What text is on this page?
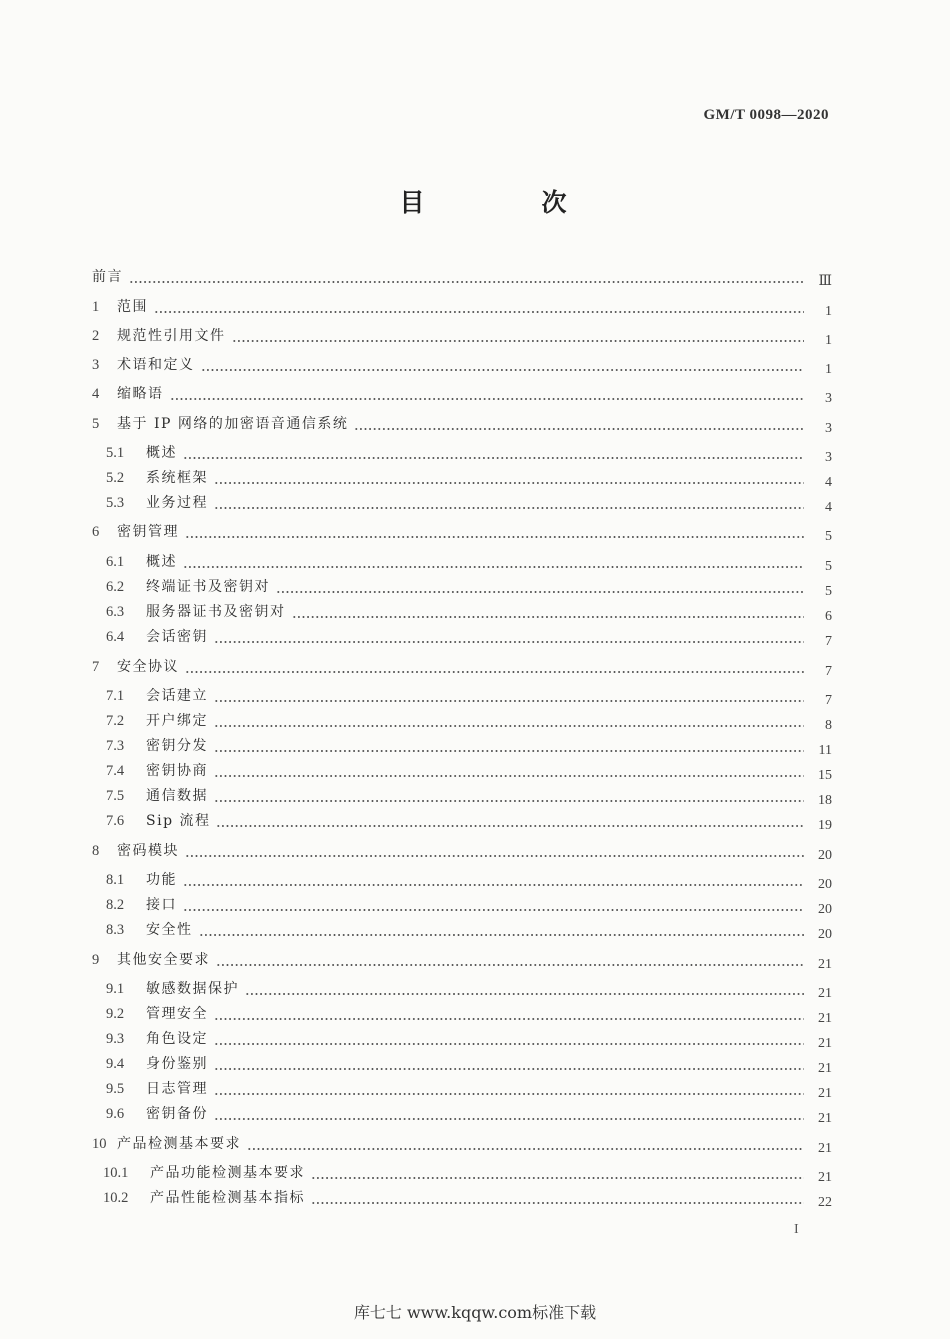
GM/T 0098—2020
目　次
前言	Ⅲ
1	范围	1
2	规范性引用文件	1
3	术语和定义	1
4	缩略语	3
5	基于 IP 网络的加密语音通信系统	3
5.1	概述	3
5.2	系统框架	4
5.3	业务过程	4
6	密钥管理	5
6.1	概述	5
6.2	终端证书及密钥对	5
6.3	服务器证书及密钥对	6
6.4	会话密钥	7
7	安全协议	7
7.1	会话建立	7
7.2	开户绑定	8
7.3	密钥分发	11
7.4	密钥协商	15
7.5	通信数据	18
7.6	Sip 流程	19
8	密码模块	20
8.1	功能	20
8.2	接口	20
8.3	安全性	20
9	其他安全要求	21
9.1	敏感数据保护	21
9.2	管理安全	21
9.3	角色设定	21
9.4	身份鉴别	21
9.5	日志管理	21
9.6	密钥备份	21
10 产品检测基本要求	21
10.1	产品功能检测基本要求	21
10.2	产品性能检测基本指标	22
I
库七七 www.kqqw.com标准下载
